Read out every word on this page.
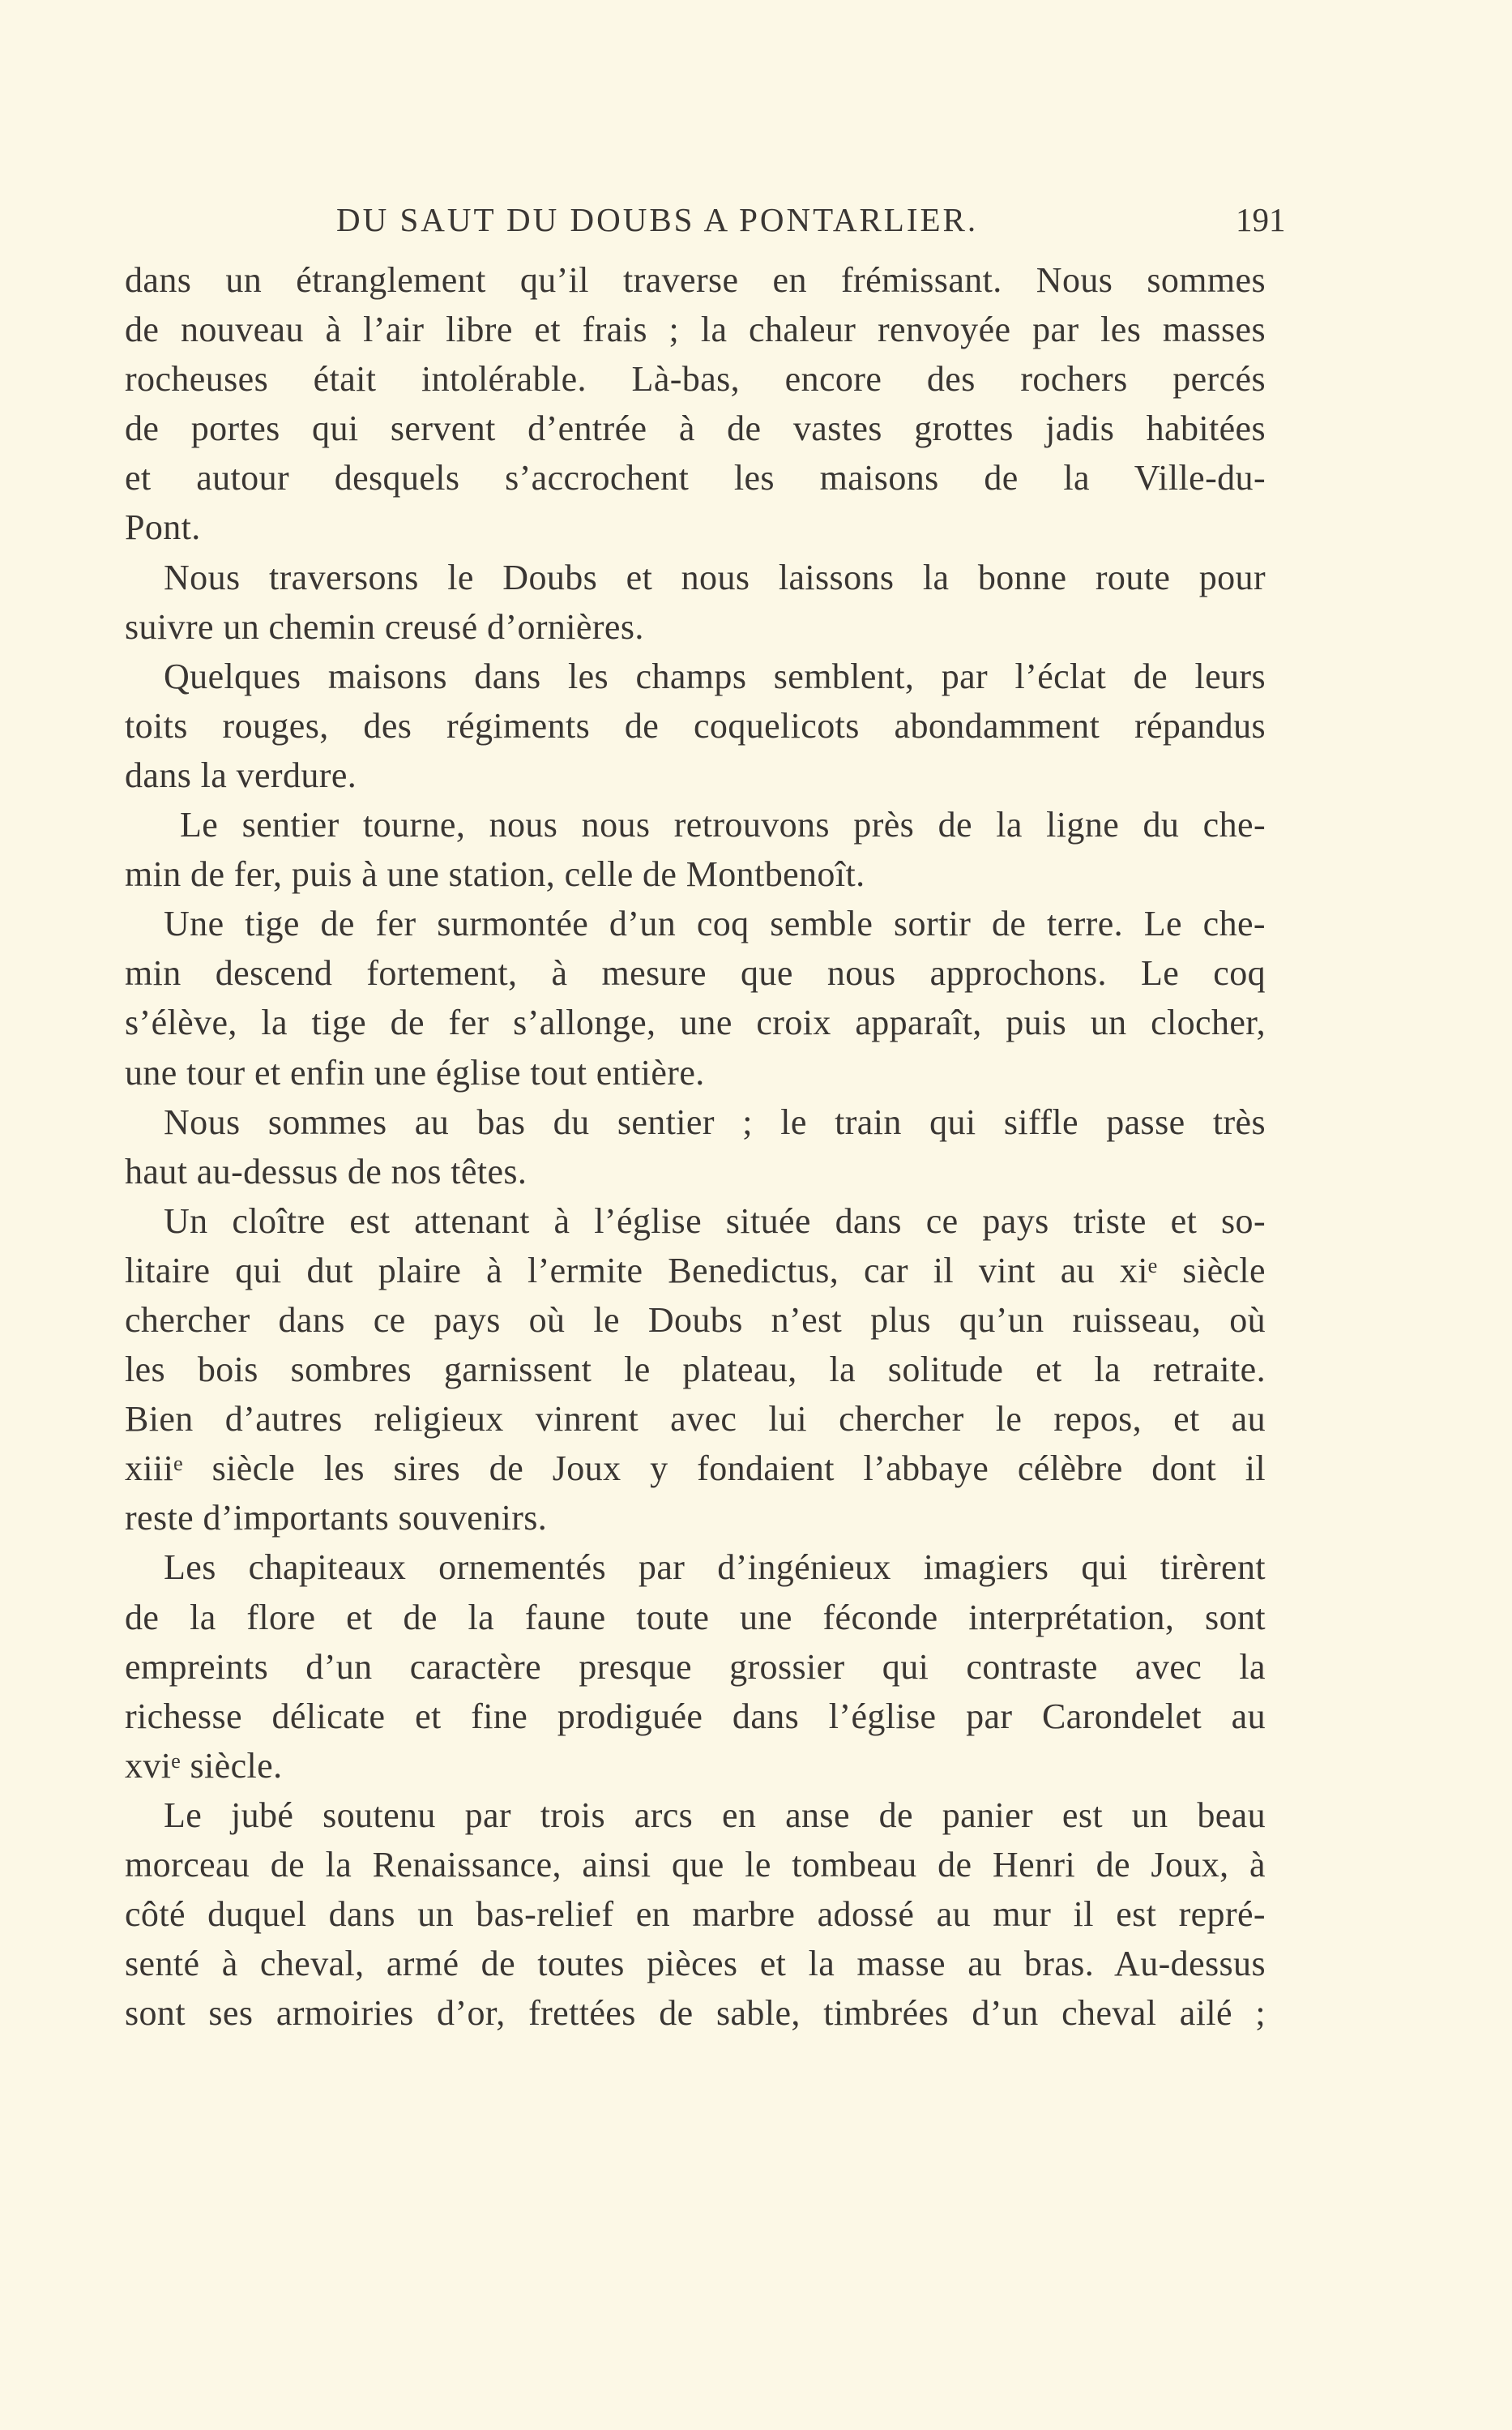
DU SAUT DU DOUBS A PONTARLIER.	191
dans un étranglement qu’il traverse en frémissant. Nous sommes
de nouveau à l’air libre et frais ; la chaleur renvoyée par les masses
rocheuses était intolérable. Là-bas, encore des rochers percés
de portes qui servent d’entrée à de vastes grottes jadis habitées
et autour desquels s’accrochent les maisons de la Ville-du-
Pont.
Nous traversons le Doubs et nous laissons la bonne route pour
suivre un chemin creusé d’ornières.
Quelques maisons dans les champs semblent, par l’éclat de leurs
toits rouges, des régiments de coquelicots abondamment répandus
dans la verdure.
Le sentier tourne, nous nous retrouvons près de la ligne du che-
min de fer, puis à une station, celle de Montbenoît.
Une tige de fer surmontée d’un coq semble sortir de terre. Le che-
min descend fortement, à mesure que nous approchons. Le coq
s’élève, la tige de fer s’allonge, une croix apparaît, puis un clocher,
une tour et enfin une église tout entière.
Nous sommes au bas du sentier ; le train qui siffle passe très
haut au-dessus de nos têtes.
Un cloître est attenant à l’église située dans ce pays triste et so-
litaire qui dut plaire à l’ermite Benedictus, car il vint au xiᵉ siècle
chercher dans ce pays où le Doubs n’est plus qu’un ruisseau, où
les bois sombres garnissent le plateau, la solitude et la retraite.
Bien d’autres religieux vinrent avec lui chercher le repos, et au
xiiiᵉ siècle les sires de Joux y fondaient l’abbaye célèbre dont il
reste d’importants souvenirs.
Les chapiteaux ornementés par d’ingénieux imagiers qui tirèrent
de la flore et de la faune toute une féconde interprétation, sont
empreints d’un caractère presque grossier qui contraste avec la
richesse délicate et fine prodiguée dans l’église par Carondelet au
xviᵉ siècle.
Le jubé soutenu par trois arcs en anse de panier est un beau
morceau de la Renaissance, ainsi que le tombeau de Henri de Joux, à
côté duquel dans un bas-relief en marbre adossé au mur il est repré-
senté à cheval, armé de toutes pièces et la masse au bras. Au-dessus
sont ses armoiries d’or, frettées de sable, timbrées d’un cheval ailé ;
